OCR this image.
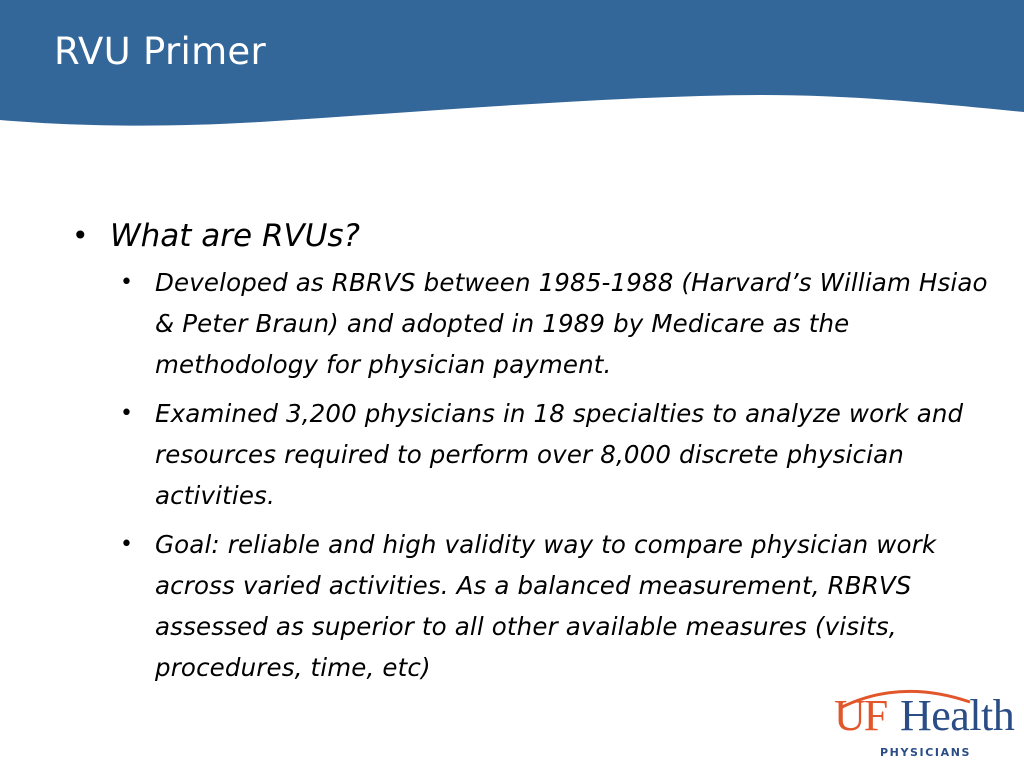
RVU Primer
• What are RVUs?
• Developed as RBRVS between 1985-1988 (Harvard’s William Hsiao & Peter Braun) and adopted in 1989 by Medicare as the methodology for physician payment.
• Examined 3,200 physicians in 18 specialties to analyze work and resources required to perform over 8,000 discrete physician activities.
• Goal: reliable and high validity way to compare physician work across varied activities. As a balanced measurement, RBRVS assessed as superior to all other available measures (visits, procedures, time, etc)
UF Health
PHYSICIANS
